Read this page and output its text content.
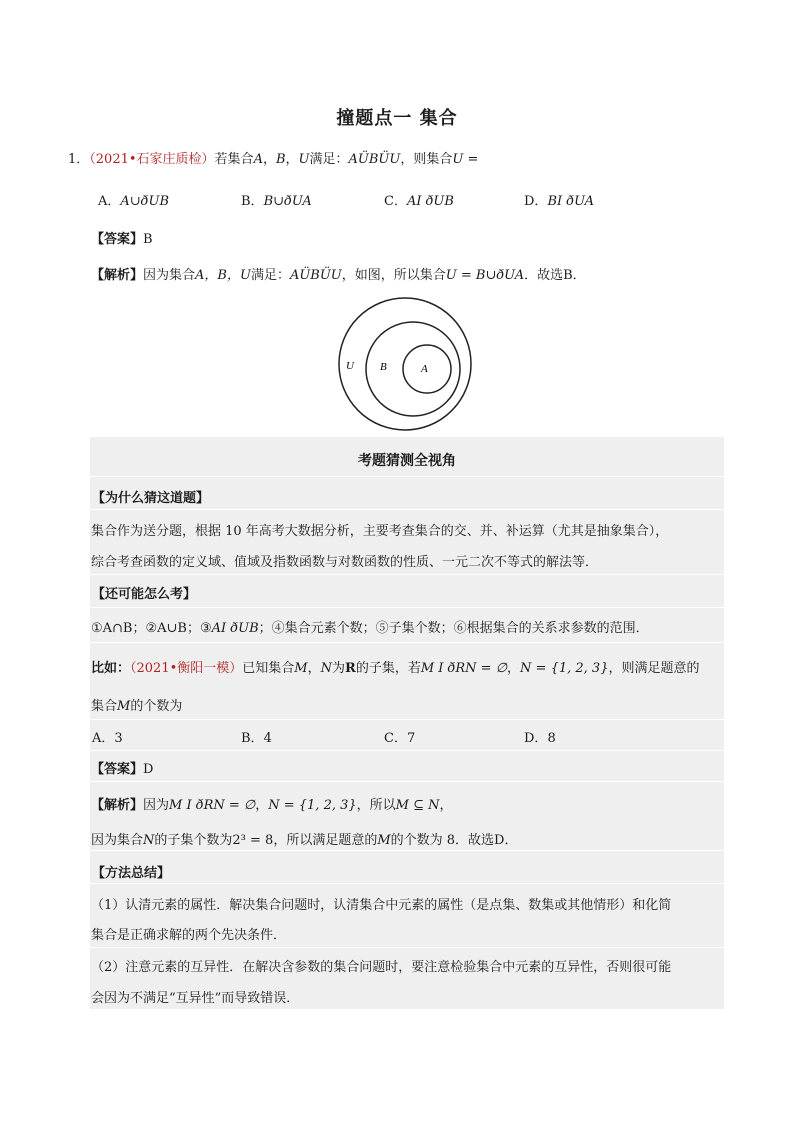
撞题点一 集合
1．（2021•石家庄质检）若集合A，B，U满足：AÜBÜU，则集合U =
A．A∪ðUB	B．B∪ðUA	C．AI ðUB	D．BI ðUA
【答案】B
【解析】因为集合A，B，U满足：AÜBÜU，如图，所以集合U = B∪ðUA．故选B．
U B	A
考题猜测全视角
【为什么猜这道题】
集合作为送分题，根据 10 年高考大数据分析，主要考查集合的交、并、补运算（尤其是抽象集合），
综合考查函数的定义域、值域及指数函数与对数函数的性质、一元二次不等式的解法等．
【还可能怎么考】
①A∩B；②A∪B；③AI ðUB；④集合元素个数；⑤子集个数；⑥根据集合的关系求参数的范围．
比如：（2021•衡阳一模）已知集合M，N为R的子集，若M I ðRN = ∅，N = {1, 2, 3}，则满足题意的
集合M的个数为
A．3	B．4	C．7	D．8
【答案】D
【解析】因为M I ðRN = ∅，N = {1, 2, 3}，所以M ⊆ N，
因为集合N的子集个数为2³ = 8，所以满足题意的M的个数为 8．故选D．
【方法总结】
（1）认清元素的属性．解决集合问题时，认清集合中元素的属性（是点集、数集或其他情形）和化简
集合是正确求解的两个先决条件．
（2）注意元素的互异性．在解决含参数的集合问题时，要注意检验集合中元素的互异性，否则很可能
会因为不满足“互异性”而导致错误．
